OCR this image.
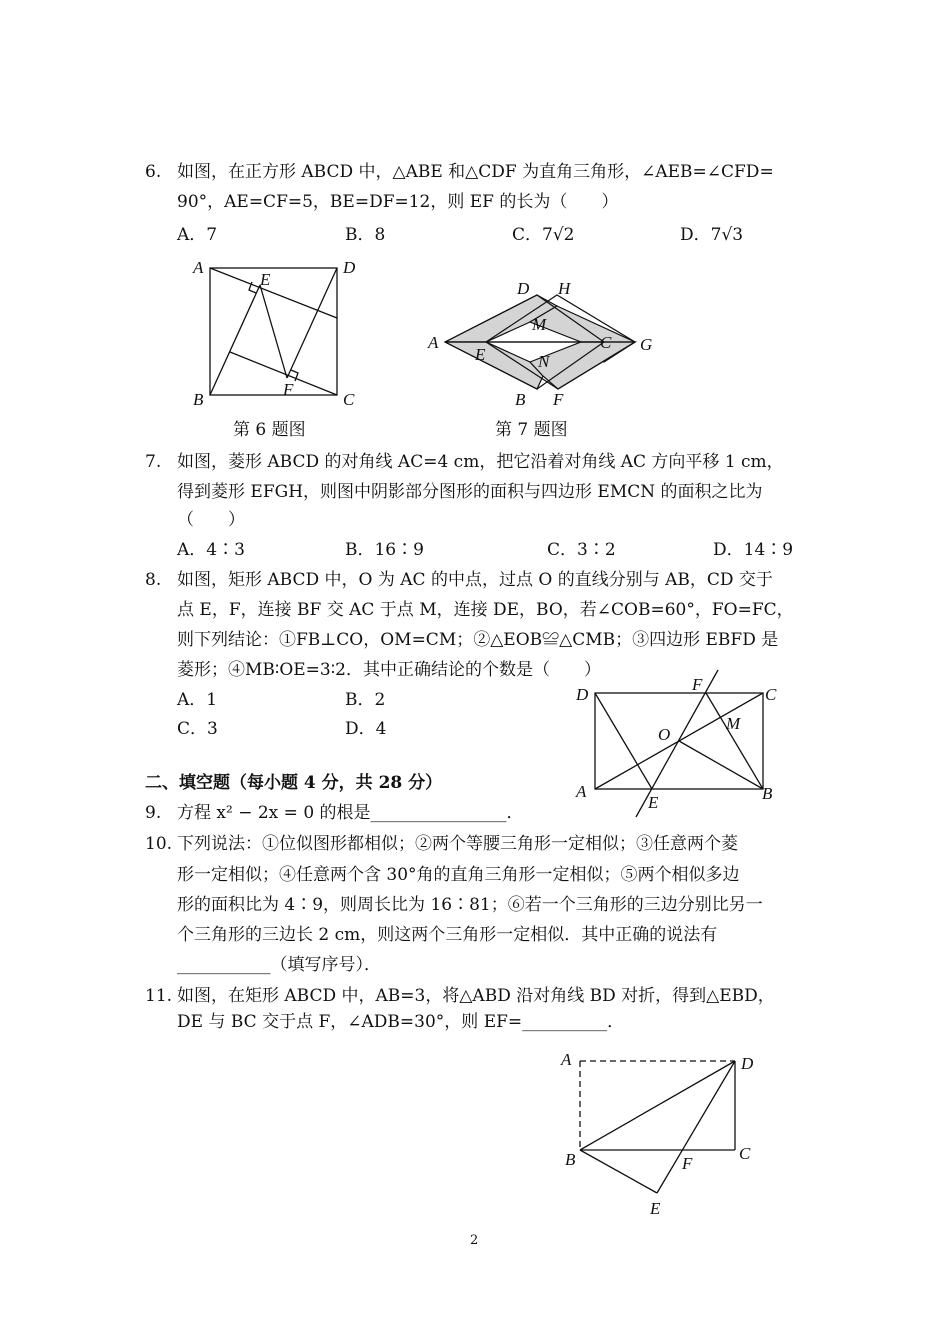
6. 如图，在正方形 ABCD 中，△ABE 和△CDF 为直角三角形，∠AEB=∠CFD=
90°，AE=CF=5，BE=DF=12，则 EF 的长为（　　）
A．7	B．8	C．7√2	D．7√3
A
E
D
B
F
C
第 6 题图
D H
M
A
E
C G
N
B F
第 7 题图
7. 如图，菱形 ABCD 的对角线 AC=4 cm，把它沿着对角线 AC 方向平移 1 cm，
得到菱形 EFGH，则图中阴影部分图形的面积与四边形 EMCN 的面积之比为
（　　）
A．4∶3	B．16∶9	C．3∶2	D．14∶9
8. 如图，矩形 ABCD 中，O 为 AC 的中点，过点 O 的直线分别与 AB，CD 交于
点 E，F，连接 BF 交 AC 于点 M，连接 DE，BO，若∠COB=60°，FO=FC，
则下列结论：①FB⊥CO，OM=CM；②△EOB≌△CMB；③四边形 EBFD 是
菱形；④MB∶OE=3∶2．其中正确结论的个数是（　　）
A．1	B．2
C．3	D．4
D
F
C
M
O
A
E	B
二、填空题（每小题 4 分，共 28 分）
9. 方程 x² − 2x = 0 的根是________________．
10. 下列说法：①位似图形都相似；②两个等腰三角形一定相似；③任意两个菱
形一定相似；④任意两个含 30°角的直角三角形一定相似；⑤两个相似多边
形的面积比为 4∶9，则周长比为 16∶81；⑥若一个三角形的三边分别比另一
个三角形的三边长 2 cm，则这两个三角形一定相似．其中正确的说法有
___________（填写序号）．
11. 如图，在矩形 ABCD 中，AB=3，将△ABD 沿对角线 BD 对折，得到△EBD，
DE 与 BC 交于点 F，∠ADB=30°，则 EF=__________．
A	D
B	F
C
E
2
